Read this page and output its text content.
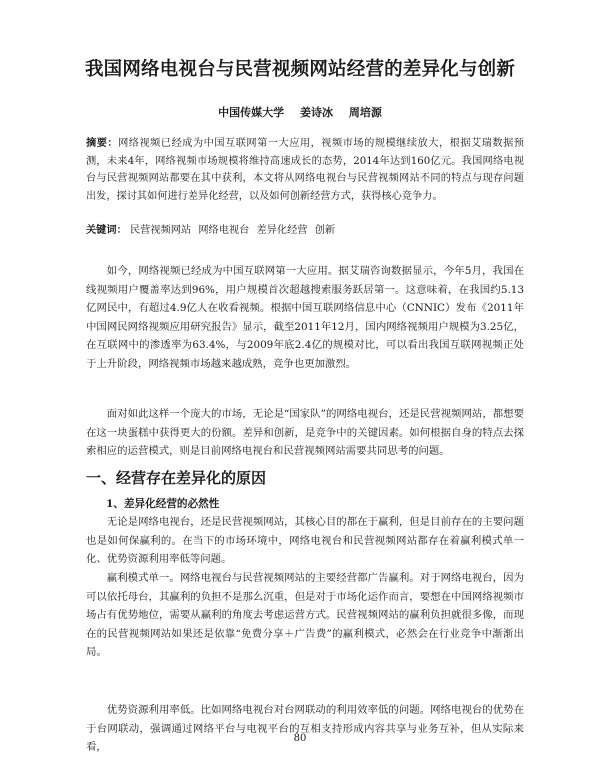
我国网络电视台与民营视频网站经营的差异化与创新
中国传媒大学 姜诗冰 周培源
摘要：网络视频已经成为中国互联网第一大应用，视频市场的规模继续放大，根据艾瑞数据预测，未来4年，网络视频市场规模将维持高速成长的态势，2014年达到160亿元。我国网络电视台与民营视频网站都要在其中获利，本文将从网络电视台与民营视频网站不同的特点与现存问题出发，探讨其如何进行差异化经营，以及如何创新经营方式，获得核心竞争力。
关键词： 民营视频网站 网络电视台 差异化经营 创新
如今，网络视频已经成为中国互联网第一大应用。据艾瑞咨询数据显示，今年5月，我国在线视频用户覆盖率达到96%，用户规模首次超越搜索服务跃居第一。这意味着，在我国约5.13亿网民中，有超过4.9亿人在收看视频。根据中国互联网络信息中心（CNNIC）发布《2011年中国网民网络视频应用研究报告》显示，截至2011年12月，国内网络视频用户规模为3.25亿，在互联网中的渗透率为63.4%，与2009年底2.4亿的规模对比，可以看出我国互联网视频正处于上升阶段，网络视频市场越来越成熟，竞争也更加激烈。
面对如此这样一个庞大的市场，无论是“国家队”的网络电视台，还是民营视频网站，都想要在这一块蛋糕中获得更大的份额。差异和创新，是竞争中的关键因素。如何根据自身的特点去探索相应的运营模式，则是目前网络电视台和民营视频网站需要共同思考的问题。
一、经营存在差异化的原因
1、差异化经营的必然性
无论是网络电视台，还是民营视频网站，其核心目的都在于赢利，但是目前存在的主要问题也是如何保赢利的。在当下的市场环境中，网络电视台和民营视频网站都存在着赢利模式单一化、优势资源利用率低等问题。
赢利模式单一。网络电视台与民营视频网站的主要经营都广告赢利。对于网络电视台，因为可以依托母台，其赢利的负担不是那么沉重，但是对于市场化运作而言，要想在中国网络视频市场占有优势地位，需要从赢利的角度去考虑运营方式。民营视频网站的赢利负担就很多像，而现在的民营视频网站如果还是依靠“免费分享＋广告费”的赢利模式，必然会在行业竞争中渐渐出局。
优势资源利用率低。比如网络电视台对台网联动的利用效率低的问题。网络电视台的优势在于台网联动，强调通过网络平台与电视平台的互相支持形成内容共享与业务互补，但从实际来看，
80
